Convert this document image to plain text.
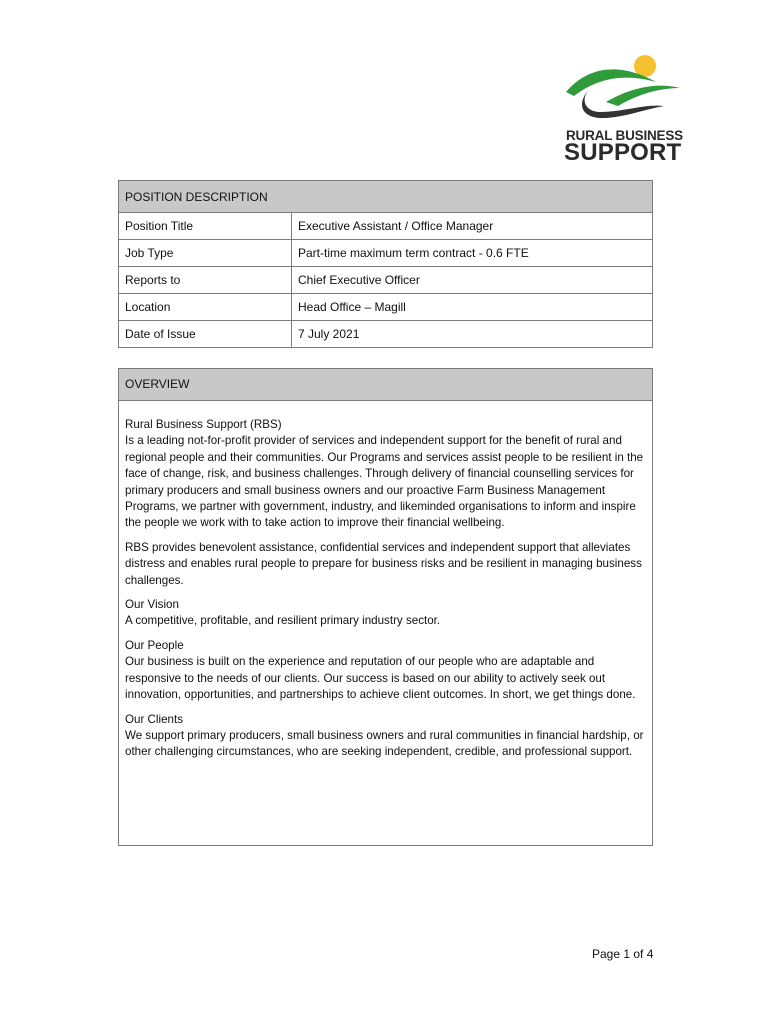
RURAL BUSINESS
SUPPORT
POSITION DESCRIPTION	
Position Title	Executive Assistant / Office Manager
Job Type	Part-time maximum term contract - 0.6 FTE
Reports to	Chief Executive Officer
Location	Head Office – Magill
Date of Issue	7 July 2021
OVERVIEW

Rural Business Support (RBS)
Is a leading not-for-profit provider of services and independent support for the benefit of rural and regional people and their communities. Our Programs and services assist people to be resilient in the face of change, risk, and business challenges. Through delivery of financial counselling services for primary producers and small business owners and our proactive Farm Business Management Programs, we partner with government, industry, and likeminded organisations to inform and inspire the people we work with to take action to improve their financial wellbeing.

RBS provides benevolent assistance, confidential services and independent support that alleviates distress and enables rural people to prepare for business risks and be resilient in managing business challenges.

Our Vision
A competitive, profitable, and resilient primary industry sector.

Our People
Our business is built on the experience and reputation of our people who are adaptable and responsive to the needs of our clients. Our success is based on our ability to actively seek out innovation, opportunities, and partnerships to achieve client outcomes. In short, we get things done.

Our Clients
We support primary producers, small business owners and rural communities in financial hardship, or other challenging circumstances, who are seeking independent, credible, and professional support.

Page 1 of 4
